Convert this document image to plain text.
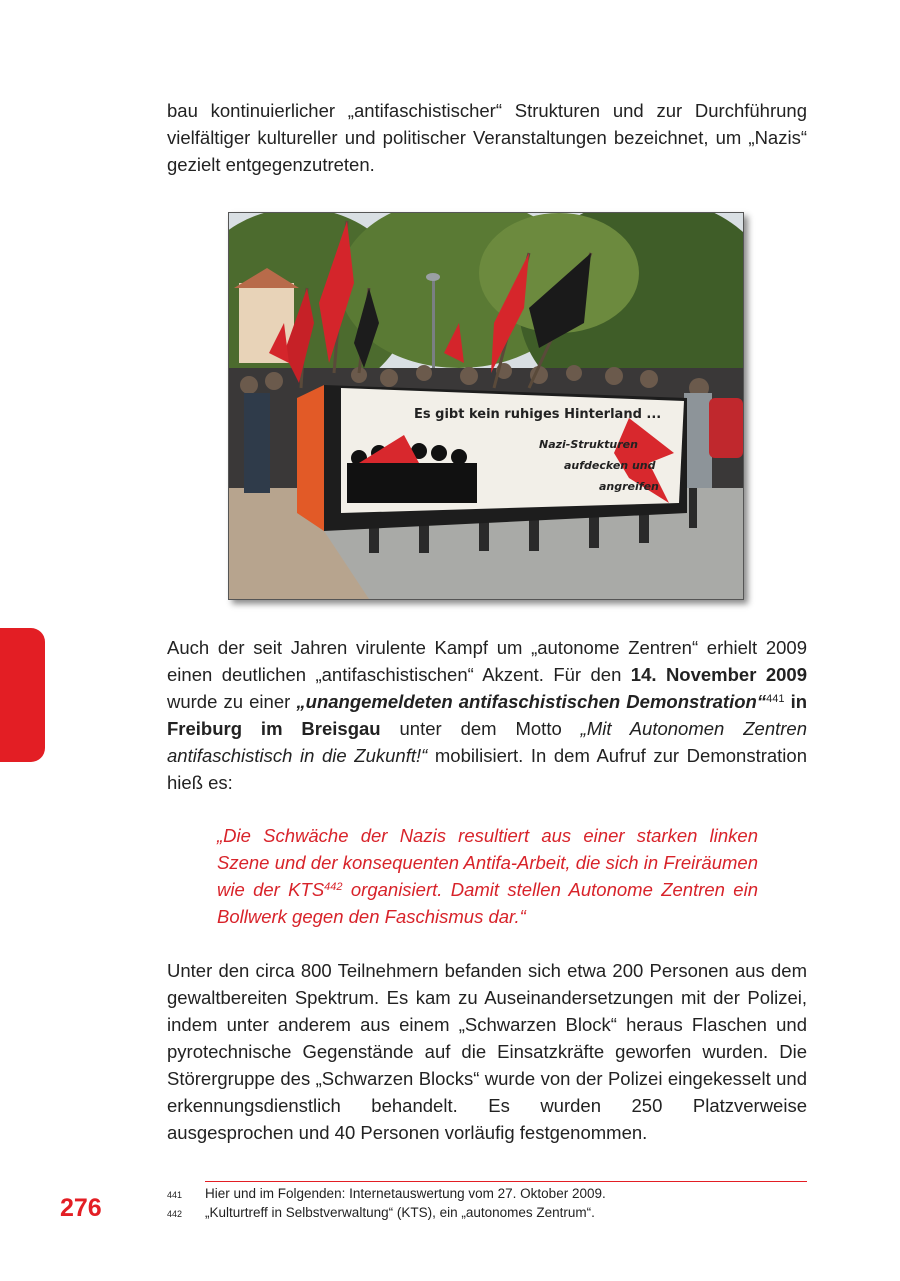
bau kontinuierlicher „antifaschistischer“ Strukturen und zur Durchführung vielfältiger kultureller und politischer Veranstaltungen bezeichnet, um „Nazis“ gezielt entgegenzutreten.

Es gibt kein ruhiges Hinterland ...
Nazi-Strukturen
aufdecken und
angreifen

Auch der seit Jahren virulente Kampf um „autonome Zentren“ erhielt 2009 einen deutlichen „antifaschistischen“ Akzent. Für den 14. November 2009 wurde zu einer „unangemeldeten antifaschistischen Demonstration“$^{441}$ in Freiburg im Breisgau unter dem Motto „Mit Autonomen Zentren antifaschistisch in die Zukunft!“ mobilisiert. In dem Aufruf zur Demonstration hieß es:

„Die Schwäche der Nazis resultiert aus einer starken linken Szene und der konsequenten Antifa-Arbeit, die sich in Freiräumen wie der KTS$^{442}$ organisiert. Damit stellen Autonome Zentren ein Bollwerk gegen den Faschismus dar.“

Unter den circa 800 Teilnehmern befanden sich etwa 200 Personen aus dem gewaltbereiten Spektrum. Es kam zu Auseinandersetzungen mit der Polizei, indem unter anderem aus einem „Schwarzen Block“ heraus Flaschen und pyrotechnische Gegenstände auf die Einsatzkräfte geworfen wurden. Die Störergruppe des „Schwarzen Blocks“ wurde von der Polizei eingekesselt und erkennungsdienstlich behandelt. Es wurden 250 Platzverweise ausgesprochen und 40 Personen vorläufig festgenommen.

276	441 Hier und im Folgenden: Internetauswertung vom 27. Oktober 2009.
442 „Kulturtreff in Selbstverwaltung“ (KTS), ein „autonomes Zentrum“.
